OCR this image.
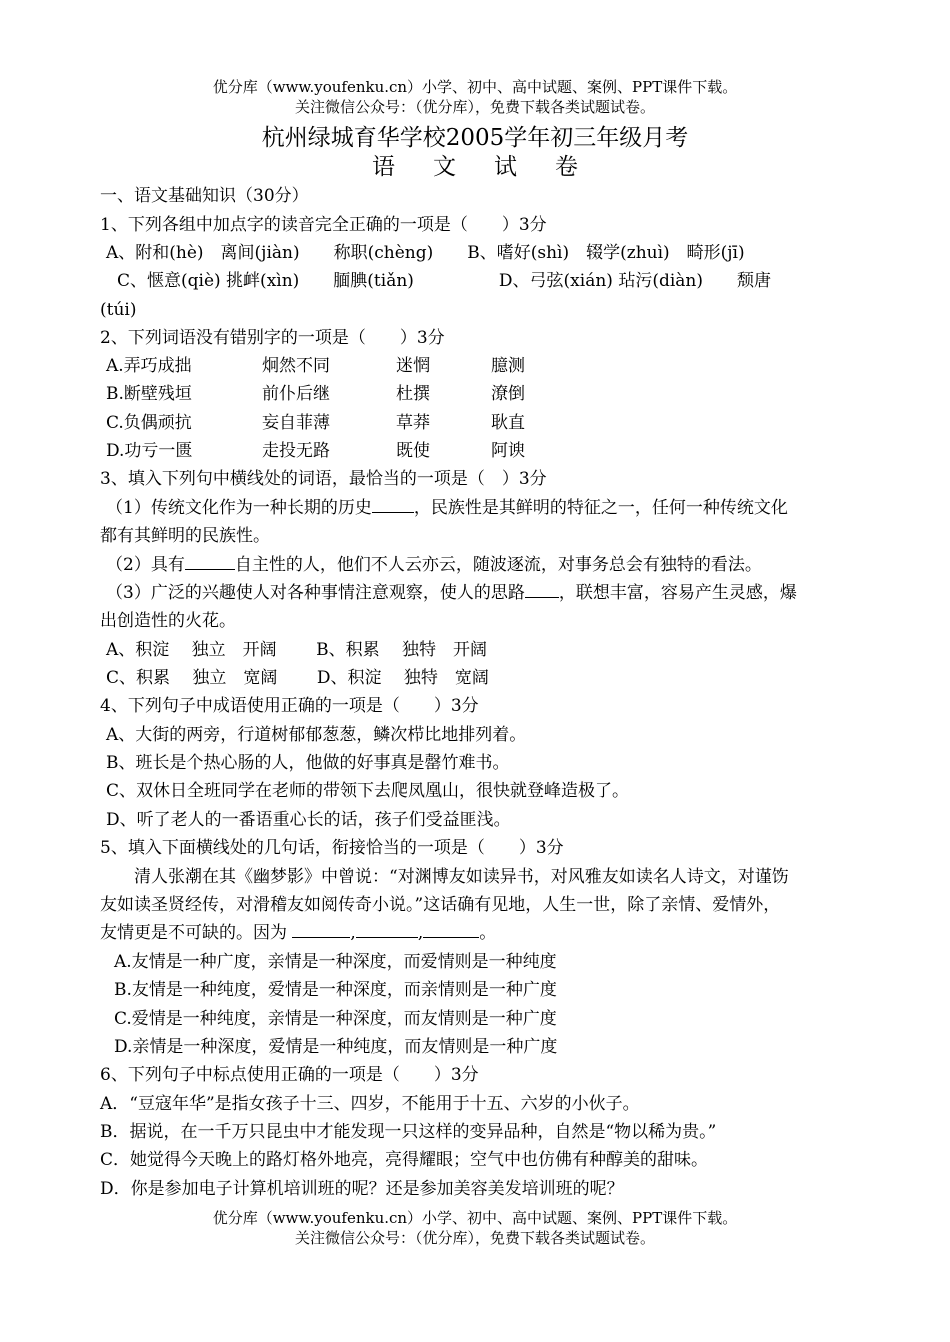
优分库（www.youfenku.cn）小学、初中、高中试题、案例、PPT课件下载。
关注微信公众号：（优分库），免费下载各类试题试卷。
杭州绿城育华学校2005学年初三年级月考
语文试卷
一、语文基础知识（30分）
1、下列各组中加点字的读音完全正确的一项是（　　）3分
A、附和(hè)　离间(jiàn)　　称职(chèng)　　B、嗜好(shì)　辍学(zhuì)　畸形(jī)
C、惬意(qiè) 挑衅(xìn)　　腼腆(tiǎn)　　　　　D、弓弦(xián) 玷污(diàn)　　颓唐
(túi)
2、下列词语没有错别字的一项是（　　）3分
A.弄巧成拙	炯然不同	迷惘	臆测
B.断壁残垣	前仆后继	杜撰	潦倒
C.负偶顽抗	妄自菲薄	草莽	耿直
D.功亏一匮	走投无路	既使	阿谀
3、填入下列句中横线处的词语，最恰当的一项是（　）3分
（1）传统文化作为一种长期的历史 ，民族性是其鲜明的特征之一，任何一种传统文化
都有其鲜明的民族性。
（2）具有	自主性的人，他们不人云亦云，随波逐流，对事务总会有独特的看法。
（3）广泛的兴趣使人对各种事情注意观察，使人的思路 ，联想丰富，容易产生灵感，爆
出创造性的火花。
A、积淀　 独立　开阔　　 B、积累　 独特　开阔
C、积累　 独立　宽阔　　 D、积淀　 独特　宽阔
4、下列句子中成语使用正确的一项是（　　）3分
A、大街的两旁，行道树郁郁葱葱，鳞次栉比地排列着。
B、班长是个热心肠的人，他做的好事真是罄竹难书。
C、双休日全班同学在老师的带领下去爬凤凰山，很快就登峰造极了。
D、听了老人的一番语重心长的话，孩子们受益匪浅。
5、填入下面横线处的几句话，衔接恰当的一项是（　　）3分
清人张潮在其《幽梦影》中曾说：“对渊博友如读异书，对风雅友如读名人诗文，对谨饬
友如读圣贤经传，对滑稽友如阅传奇小说。”这话确有见地，人生一世，除了亲情、爱情外，
友情更是不可缺的。因为	,	,	。
A.友情是一种广度，亲情是一种深度，而爱情则是一种纯度
B.友情是一种纯度，爱情是一种深度，而亲情则是一种广度
C.爱情是一种纯度，亲情是一种深度，而友情则是一种广度
D.亲情是一种深度，爱情是一种纯度，而友情则是一种广度
6、下列句子中标点使用正确的一项是（　　）3分
A．“豆寇年华”是指女孩子十三、四岁，不能用于十五、六岁的小伙子。
B．据说，在一千万只昆虫中才能发现一只这样的变异品种，自然是“物以稀为贵。”
C．她觉得今天晚上的路灯格外地亮，亮得耀眼；空气中也仿佛有种醇美的甜味。
D．你是参加电子计算机培训班的呢？还是参加美容美发培训班的呢？
优分库（www.youfenku.cn）小学、初中、高中试题、案例、PPT课件下载。
关注微信公众号：（优分库），免费下载各类试题试卷。
